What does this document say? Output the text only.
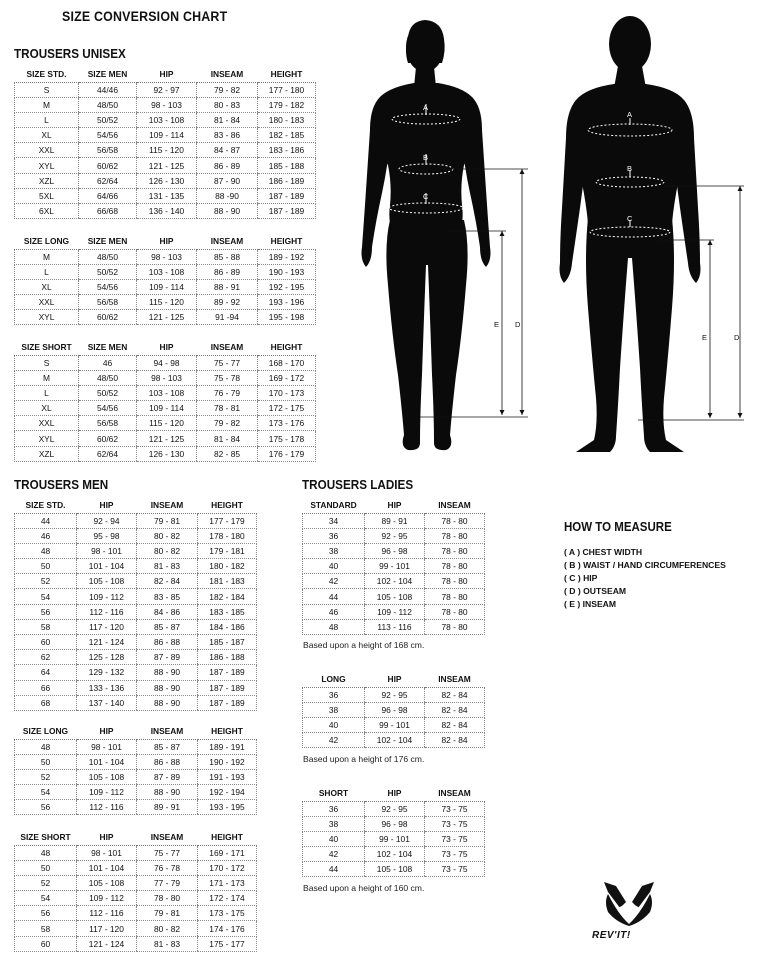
SIZE CONVERSION CHART
TROUSERS UNISEX
SIZE STD.	SIZE MEN	HIP	INSEAM	HEIGHT
S	44/46	92 - 97	79 - 82	177 - 180
M	48/50	98 - 103	80 - 83	179 - 182
L	50/52	103 - 108	81 - 84	180 - 183
XL	54/56	109 - 114	83 - 86	182 - 185
XXL	56/58	115 - 120	84 - 87	183 - 186
XYL	60/62	121 - 125	86 - 89	185 - 188
XZL	62/64	126 - 130	87 - 90	186 - 189
5XL	64/66	131 - 135	88 -90	187 - 189
6XL	66/68	136 - 140	88 - 90	187 - 189
SIZE LONG	SIZE MEN	HIP	INSEAM	HEIGHT
M	48/50	98 - 103	85 - 88	189 - 192
L	50/52	103 - 108	86 - 89	190 - 193
XL	54/56	109 - 114	88 - 91	192 - 195
XXL	56/58	115 - 120	89 - 92	193 - 196
XYL	60/62	121 - 125	91 -94	195 - 198
SIZE SHORT	SIZE MEN	HIP	INSEAM	HEIGHT
S	46	94 - 98	75 - 77	168 - 170
M	48/50	98 - 103	75 - 78	169 - 172
L	50/52	103 - 108	76 - 79	170 - 173
XL	54/56	109 - 114	78 - 81	172 - 175
XXL	56/58	115 - 120	79 - 82	173 - 176
XYL	60/62	121 - 125	81 - 84	175 - 178
XZL	62/64	126 - 130	82 - 85	176 - 179
TROUSERS MEN
SIZE STD.	HIP	INSEAM	HEIGHT
44	92 - 94	79 - 81	177 - 179
46	95 - 98	80 - 82	178 - 180
48	98 - 101	80 - 82	179 - 181
50	101 - 104	81 - 83	180 - 182
52	105 - 108	82 - 84	181 - 183
54	109 - 112	83 - 85	182 - 184
56	112 - 116	84 - 86	183 - 185
58	117 - 120	85 - 87	184 - 186
60	121 - 124	86 - 88	185 - 187
62	125 - 128	87 - 89	186 - 188
64	129 - 132	88 - 90	187 - 189
66	133 - 136	88 - 90	187 - 189
68	137 - 140	88 - 90	187 - 189
SIZE LONG	HIP	INSEAM	HEIGHT
48	98 - 101	85 - 87	189 - 191
50	101 - 104	86 - 88	190 - 192
52	105 - 108	87 - 89	191 - 193
54	109 - 112	88 - 90	192 - 194
56	112 - 116	89 - 91	193 - 195
SIZE SHORT	HIP	INSEAM	HEIGHT
48	98 - 101	75 - 77	169 - 171
50	101 - 104	76 - 78	170 - 172
52	105 - 108	77 - 79	171 - 173
54	109 - 112	78 - 80	172 - 174
56	112 - 116	79 - 81	173 - 175
58	117 - 120	80 - 82	174 - 176
60	121 - 124	81 - 83	175 - 177
TROUSERS LADIES
STANDARD	HIP	INSEAM
34	89 - 91	78 - 80
36	92 - 95	78 - 80
38	96 - 98	78 - 80
40	99 - 101	78 - 80
42	102 - 104	78 - 80
44	105 - 108	78 - 80
46	109 - 112	78 - 80
48	113 - 116	78 - 80
Based upon a height of 168 cm.
LONG	HIP	INSEAM
36	92 - 95	82 - 84
38	96 - 98	82 - 84
40	99 - 101	82 - 84
42	102 - 104	82 - 84
Based upon a height of 176 cm.
SHORT	HIP	INSEAM
36	92 - 95	73 - 75
38	96 - 98	73 - 75
40	99 - 101	73 - 75
42	102 - 104	73 - 75
44	105 - 108	73 - 75
Based upon a height of 160 cm.
HOW TO MEASURE
( A ) CHEST WIDTH
( B ) WAIST / HAND CIRCUMFERENCES
( C ) HIP
( D ) OUTSEAM
( E ) INSEAM
A
B
C
E D
A
B
C
E	D
REV'IT!
